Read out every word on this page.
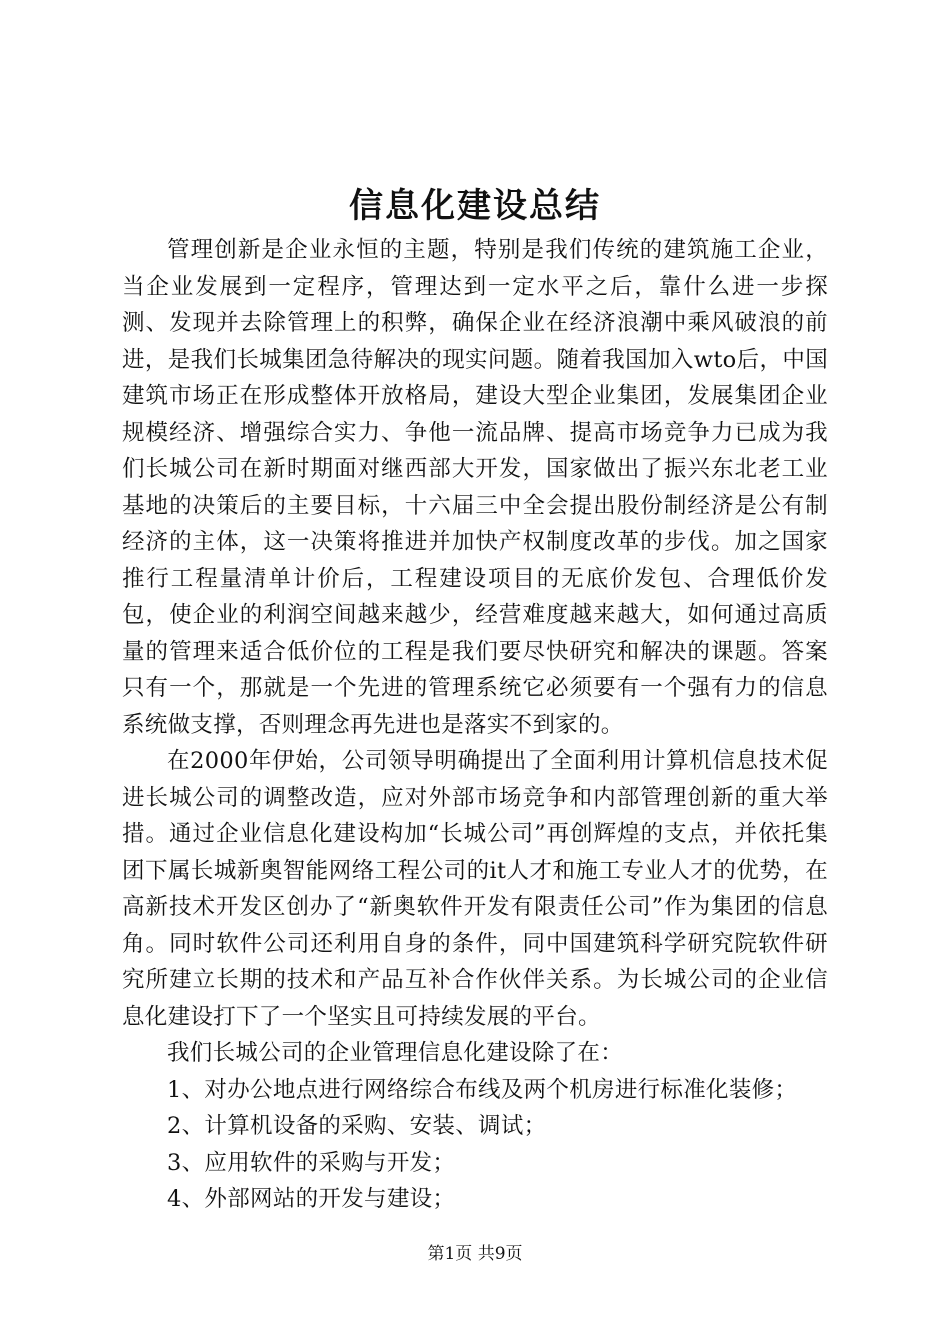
信息化建设总结

管理创新是企业永恒的主题，特别是我们传统的建筑施工企业，当企业发展到一定程序，管理达到一定水平之后，靠什么进一步探测、发现并去除管理上的积弊，确保企业在经济浪潮中乘风破浪的前进，是我们长城集团急待解决的现实问题。随着我国加入wto后，中国建筑市场正在形成整体开放格局，建设大型企业集团，发展集团企业规模经济、增强综合实力、争他一流品牌、提高市场竞争力已成为我们长城公司在新时期面对继西部大开发，国家做出了振兴东北老工业基地的决策后的主要目标，十六届三中全会提出股份制经济是公有制经济的主体，这一决策将推进并加快产权制度改革的步伐。加之国家推行工程量清单计价后，工程建设项目的无底价发包、合理低价发包，使企业的利润空间越来越少，经营难度越来越大，如何通过高质量的管理来适合低价位的工程是我们要尽快研究和解决的课题。答案只有一个，那就是一个先进的管理系统它必须要有一个强有力的信息系统做支撑，否则理念再先进也是落实不到家的。

在2000年伊始，公司领导明确提出了全面利用计算机信息技术促进长城公司的调整改造，应对外部市场竞争和内部管理创新的重大举措。通过企业信息化建设构加“长城公司”再创辉煌的支点，并依托集团下属长城新奥智能网络工程公司的it人才和施工专业人才的优势，在高新技术开发区创办了“新奥软件开发有限责任公司”作为集团的信息角。同时软件公司还利用自身的条件，同中国建筑科学研究院软件研究所建立长期的技术和产品互补合作伙伴关系。为长城公司的企业信息化建设打下了一个坚实且可持续发展的平台。

我们长城公司的企业管理信息化建设除了在：

1、对办公地点进行网络综合布线及两个机房进行标准化装修；

2、计算机设备的采购、安装、调试；

3、应用软件的采购与开发；

4、外部网站的开发与建设；

第1页 共9页
